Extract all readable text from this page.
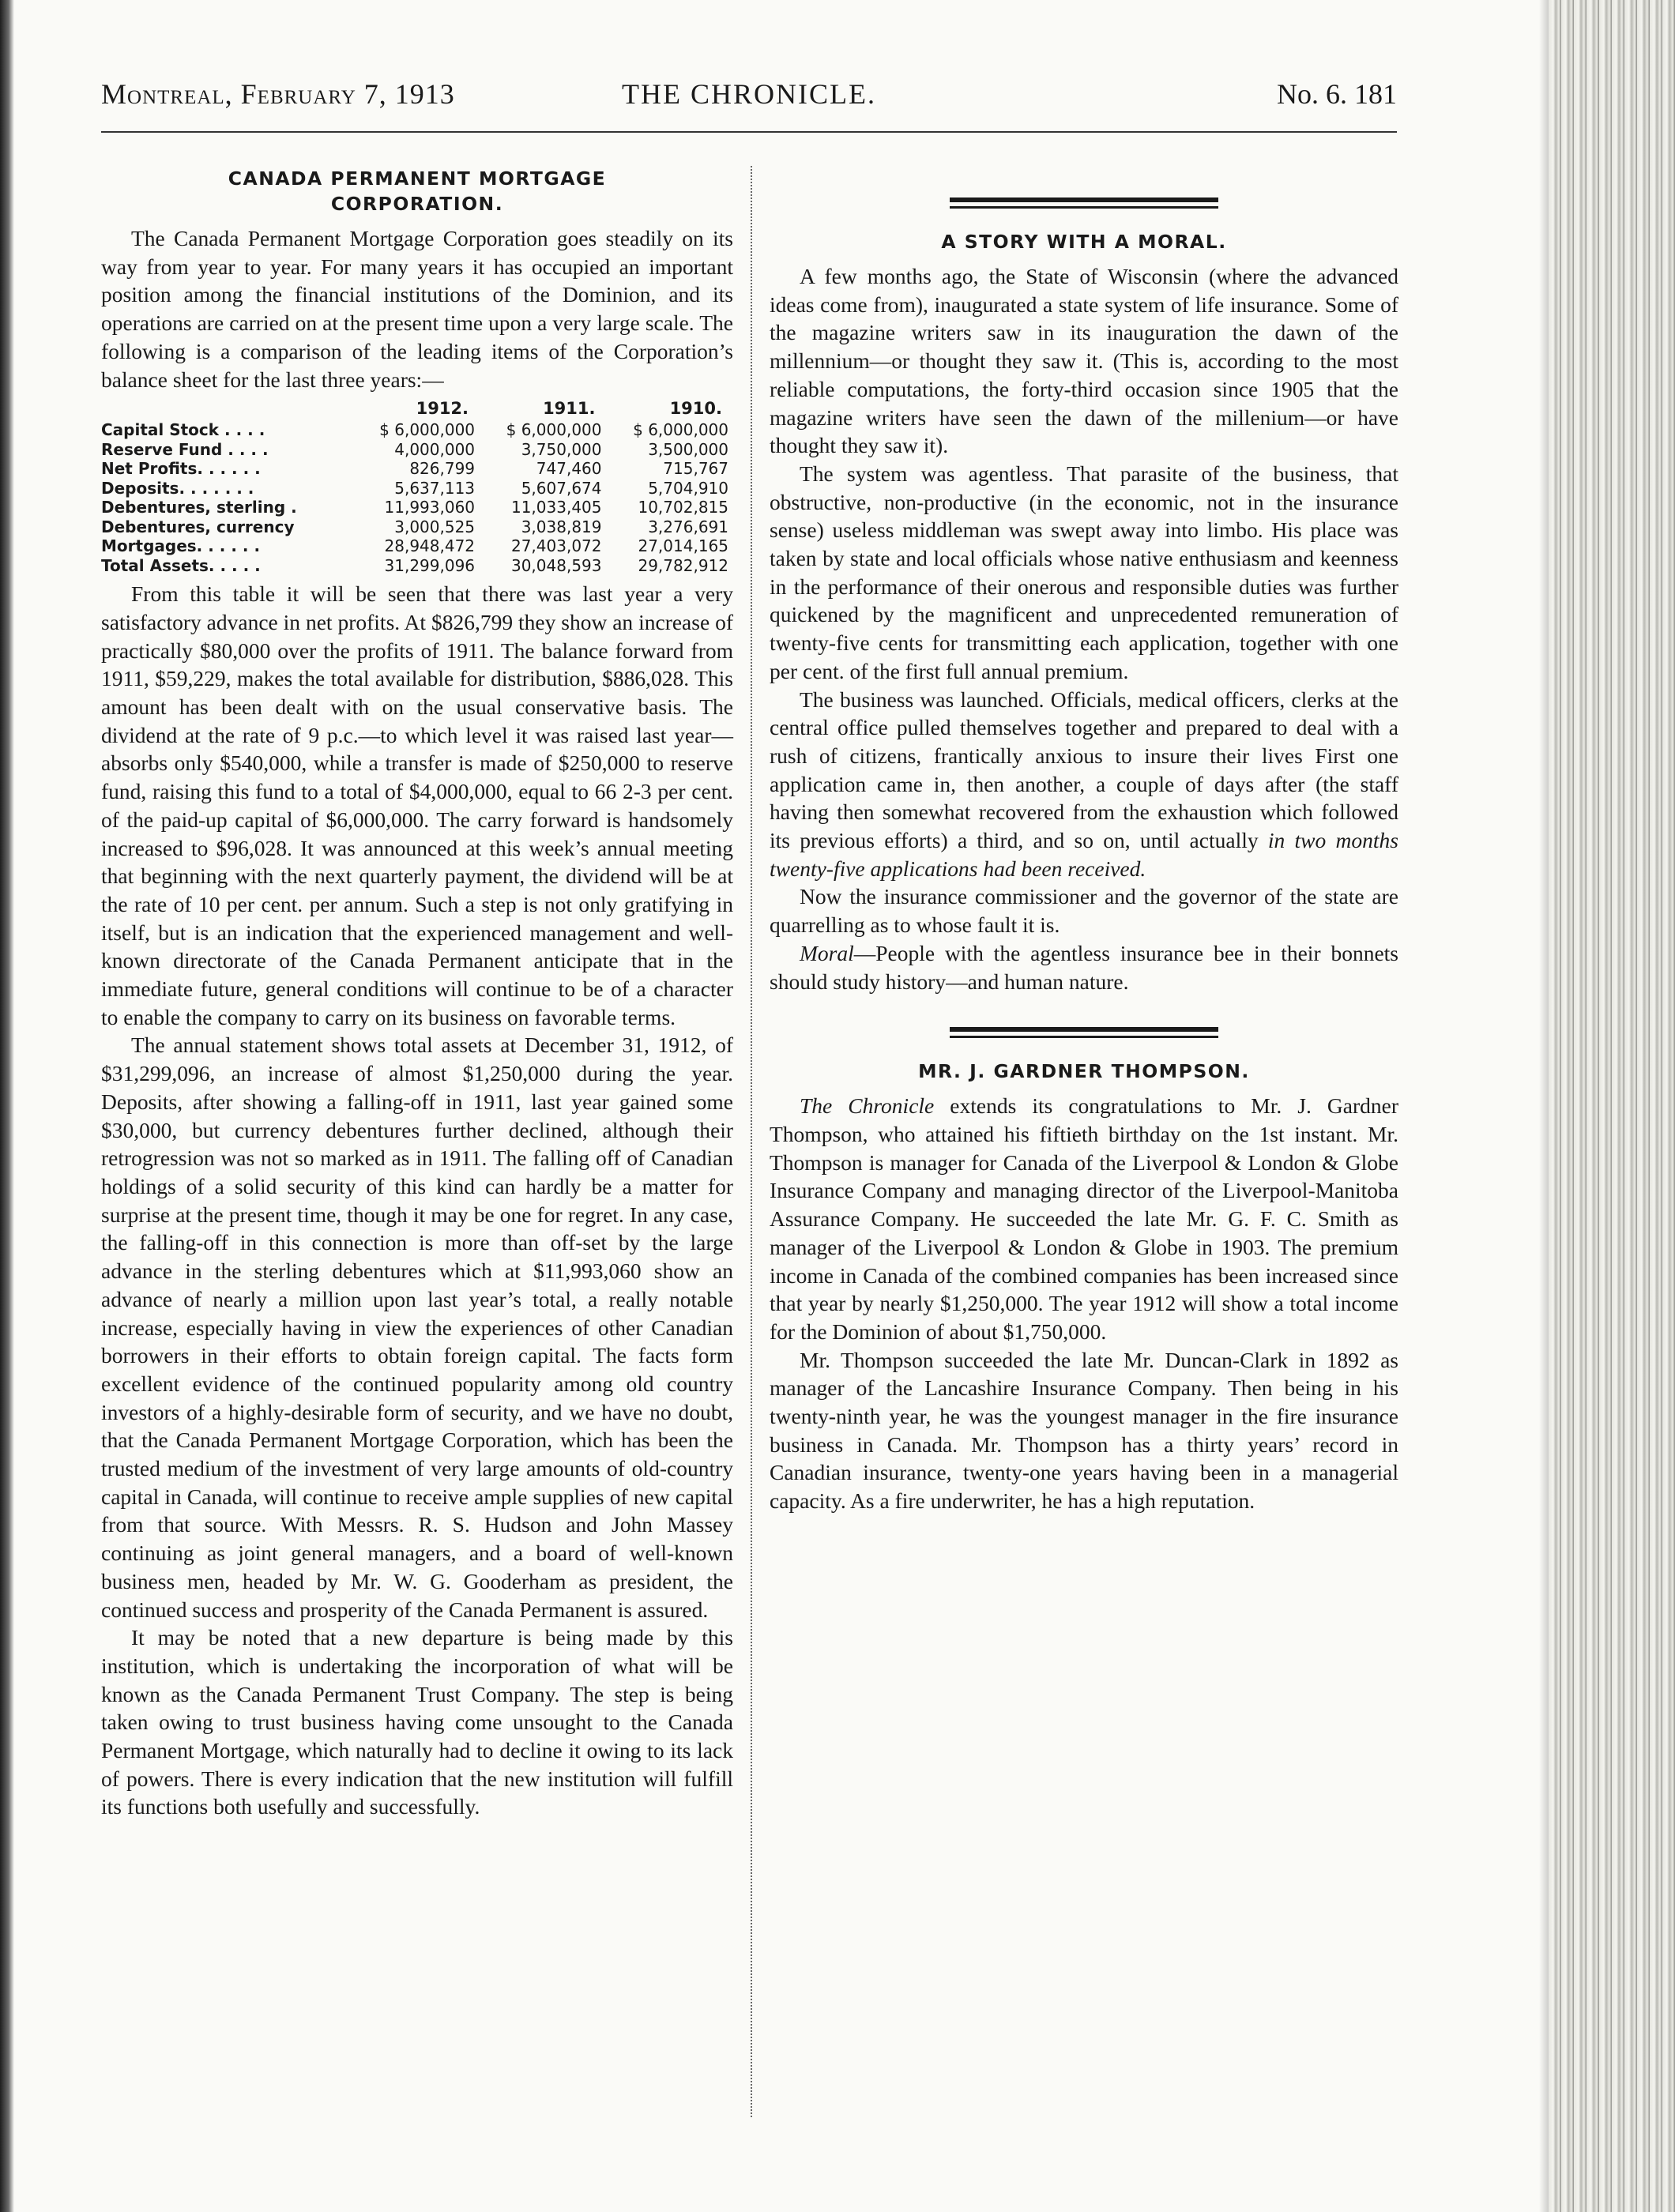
Montreal, February 7, 1913	THE CHRONICLE.	No. 6. 181
CANADA PERMANENT MORTGAGE
CORPORATION.

The Canada Permanent Mortgage Corporation goes steadily on its way from year to year. For many years it has occupied an important position among the financial institutions of the Dominion, and its operations are carried on at the present time upon a very large scale. The following is a comparison of the leading items of the Corporation’s balance sheet for the last three years:—

	1912.	1911.	1910.
Capital Stock . . . .	$ 6,000,000	$ 6,000,000	$ 6,000,000
Reserve Fund . . . .	4,000,000	3,750,000	3,500,000
Net Profits. . . . . .	826,799	747,460	715,767
Deposits. . . . . . .	5,637,113	5,607,674	5,704,910
Debentures, sterling .	11,993,060	11,033,405	10,702,815
Debentures, currency	3,000,525	3,038,819	3,276,691
Mortgages. . . . . .	28,948,472	27,403,072	27,014,165
Total Assets. . . . .	31,299,096	30,048,593	29,782,912

From this table it will be seen that there was last year a very satisfactory advance in net profits. At $826,799 they show an increase of practically $80,000 over the profits of 1911. The balance forward from 1911, $59,229, makes the total available for distribution, $886,028. This amount has been dealt with on the usual conservative basis. The dividend at the rate of 9 p.c.—to which level it was raised last year—absorbs only $540,000, while a transfer is made of $250,000 to reserve fund, raising this fund to a total of $4,000,000, equal to 66 2-3 per cent. of the paid-up capital of $6,000,000. The carry forward is handsomely increased to $96,028. It was announced at this week’s annual meeting that beginning with the next quarterly payment, the dividend will be at the rate of 10 per cent. per annum. Such a step is not only gratifying in itself, but is an indication that the experienced management and well-known directorate of the Canada Permanent anticipate that in the immediate future, general conditions will continue to be of a character to enable the company to carry on its business on favorable terms.

The annual statement shows total assets at December 31, 1912, of $31,299,096, an increase of almost $1,250,000 during the year. Deposits, after showing a falling-off in 1911, last year gained some $30,000, but currency debentures further declined, although their retrogression was not so marked as in 1911. The falling off of Canadian holdings of a solid security of this kind can hardly be a matter for surprise at the present time, though it may be one for regret. In any case, the falling-off in this connection is more than off-set by the large advance in the sterling debentures which at $11,993,060 show an advance of nearly a million upon last year’s total, a really notable increase, especially having in view the experiences of other Canadian borrowers in their efforts to obtain foreign capital. The facts form excellent evidence of the continued popularity among old country investors of a highly-desirable form of security, and we have no doubt, that the Canada Permanent Mortgage Corporation, which has been the trusted medium of the investment of very large amounts of old-country capital in Canada, will continue to receive ample supplies of new capital from that source. With Messrs. R. S. Hudson and John Massey continuing as joint general managers, and a board of well-known business men, headed by Mr. W. G. Gooderham as president, the continued success and prosperity of the Canada Permanent is assured.

It may be noted that a new departure is being made by this institution, which is undertaking the incorporation of what will be known as the Canada Permanent Trust Company. The step is being taken owing to trust business having come unsought to the Canada Permanent Mortgage, which naturally had to decline it owing to its lack of powers. There is every indication that the new institution will fulfill its functions both usefully and successfully.

A STORY WITH A MORAL.

A few months ago, the State of Wisconsin (where the advanced ideas come from), inaugurated a state system of life insurance. Some of the magazine writers saw in its inauguration the dawn of the millennium—or thought they saw it. (This is, according to the most reliable computations, the forty-third occasion since 1905 that the magazine writers have seen the dawn of the millenium—or have thought they saw it).

The system was agentless. That parasite of the business, that obstructive, non-productive (in the economic, not in the insurance sense) useless middleman was swept away into limbo. His place was taken by state and local officials whose native enthusiasm and keenness in the performance of their onerous and responsible duties was further quickened by the magnificent and unprecedented remuneration of twenty-five cents for transmitting each application, together with one per cent. of the first full annual premium.

The business was launched. Officials, medical officers, clerks at the central office pulled themselves together and prepared to deal with a rush of citizens, frantically anxious to insure their lives First one application came in, then another, a couple of days after (the staff having then somewhat recovered from the exhaustion which followed its previous efforts) a third, and so on, until actually in two months twenty-five applications had been received.

Now the insurance commissioner and the governor of the state are quarrelling as to whose fault it is.

Moral—People with the agentless insurance bee in their bonnets should study history—and human nature.

MR. J. GARDNER THOMPSON.

The Chronicle extends its congratulations to Mr. J. Gardner Thompson, who attained his fiftieth birthday on the 1st instant. Mr. Thompson is manager for Canada of the Liverpool & London & Globe Insurance Company and managing director of the Liverpool-Manitoba Assurance Company. He succeeded the late Mr. G. F. C. Smith as manager of the Liverpool & London & Globe in 1903. The premium income in Canada of the combined companies has been increased since that year by nearly $1,250,000. The year 1912 will show a total income for the Dominion of about $1,750,000.

Mr. Thompson succeeded the late Mr. Duncan-Clark in 1892 as manager of the Lancashire Insurance Company. Then being in his twenty-ninth year, he was the youngest manager in the fire insurance business in Canada. Mr. Thompson has a thirty years’ record in Canadian insurance, twenty-one years having been in a managerial capacity. As a fire underwriter, he has a high reputation.
